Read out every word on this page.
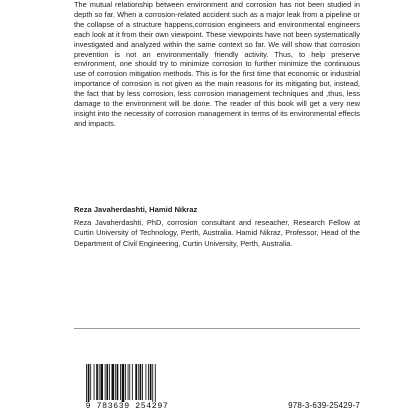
The mutual relationship between environment and corrosion has not been studied in depth so far. When a corrosion-related accident such as a major leak from a pipeline or the collapse of a structure happens,corrosion engineers and environmental engineers each look at it from their own viewpoint. These viewpoints have not been systematically investigated and analyzed within the same context so far. We will show that corrosion prevention is not an environmentally friendly activity. Thus, to help preserve environment, one should try to minimize corrosion to further minimize the continuous use of corrosion mitigation methods. This is for the first time that economic or industrial importance of corrosion is not given as the main reasons for its mitigating but, instead, the fact that by less corrosion, less corrosion management techniques and ,thus, less damage to the environment will be done. The reader of this book will get a very new insight into the necessity of corrosion management in terms of its environmental effects and impacts.

Reza Javaherdashti, Hamid Nikraz

Reza Javaherdashti, PhD, corrosion consultant and reseacher, Research Fellow at Curtin University of Technology, Perth, Australia. Hamid Nikraz, Professor, Head of the Department of Civil Engineering, Curtin University, Perth, Australia.

9 783639 254297	978-3-639-25429-7
